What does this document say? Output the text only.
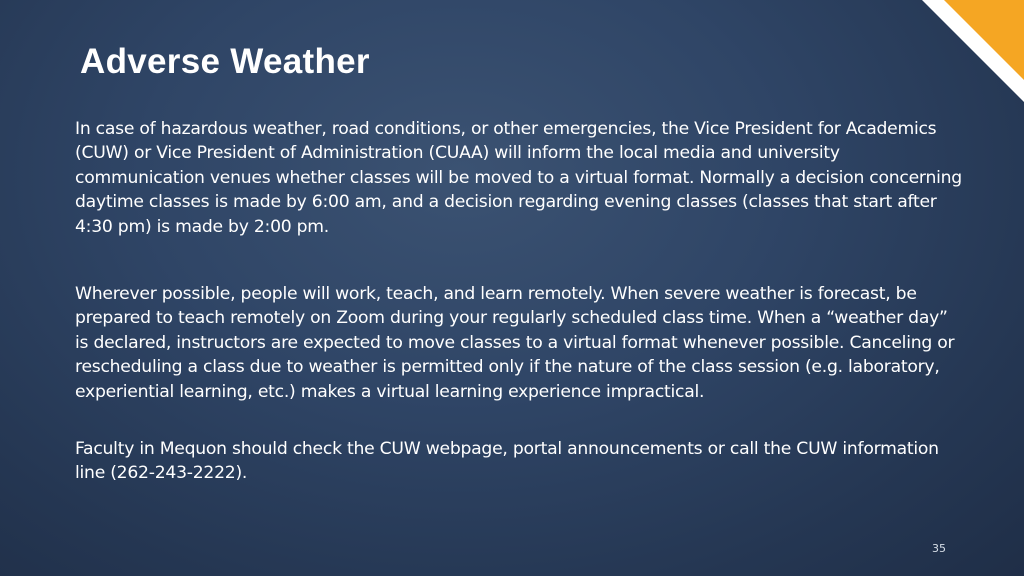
Adverse Weather

In case of hazardous weather, road conditions, or other emergencies, the Vice President for Academics (CUW) or Vice President of Administration (CUAA) will inform the local media and university communication venues whether classes will be moved to a virtual format. Normally a decision concerning daytime classes is made by 6:00 am, and a decision regarding evening classes (classes that start after 4:30 pm) is made by 2:00 pm.

Wherever possible, people will work, teach, and learn remotely. When severe weather is forecast, be prepared to teach remotely on Zoom during your regularly scheduled class time. When a “weather day” is declared, instructors are expected to move classes to a virtual format whenever possible. Canceling or rescheduling a class due to weather is permitted only if the nature of the class session (e.g. laboratory, experiential learning, etc.) makes a virtual learning experience impractical.

Faculty in Mequon should check the CUW webpage, portal announcements or call the CUW information line (262-243-2222).

35
